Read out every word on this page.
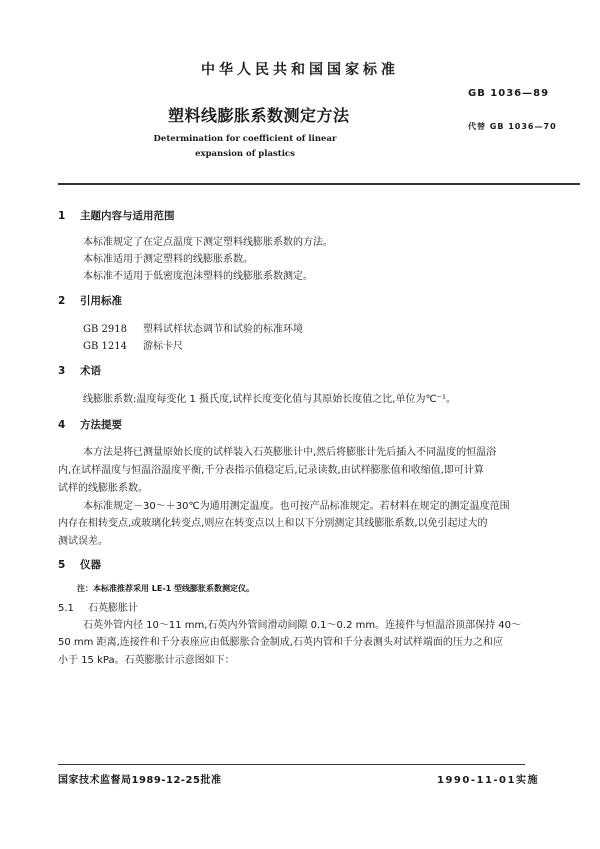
中华人民共和国国家标准
塑料线膨胀系数测定方法
Determination for coefficient of linear
expansion of plastics
GB 1036—89
代替 GB 1036—70
1 主题内容与适用范围
本标准规定了在定点温度下测定塑料线膨胀系数的方法。
本标准适用于测定塑料的线膨胀系数。
本标准不适用于低密度泡沫塑料的线膨胀系数测定。
2 引用标准
GB 2918 塑料试样状态调节和试验的标准环境
GB 1214 游标卡尺
3 术语
线膨胀系数:温度每变化 1 摄氏度,试样长度变化值与其原始长度值之比,单位为℃⁻¹。
4 方法提要
本方法是将已测量原始长度的试样装入石英膨胀计中,然后将膨胀计先后插入不同温度的恒温浴
内,在试样温度与恒温浴温度平衡,千分表指示值稳定后,记录读数,由试样膨胀值和收缩值,即可计算
试样的线膨胀系数。
本标准规定－30～＋30℃为通用测定温度。也可按产品标准规定。若材料在规定的测定温度范围
内存在相转变点,或玻璃化转变点,则应在转变点以上和以下分别测定其线膨胀系数,以免引起过大的
测试误差。
5 仪器
注：本标准推荐采用 LE-1 型线膨胀系数测定仪。
5.1 石英膨胀计
石英外管内径 10～11 mm,石英内外管间滑动间隙 0.1～0.2 mm。连接件与恒温浴顶部保持 40～
50 mm 距离,连接件和千分表座应由低膨胀合金制成,石英内管和千分表测头对试样端面的压力之和应
小于 15 kPa。石英膨胀计示意图如下：
国家技术监督局1989-12-25批准	1990-11-01实施
